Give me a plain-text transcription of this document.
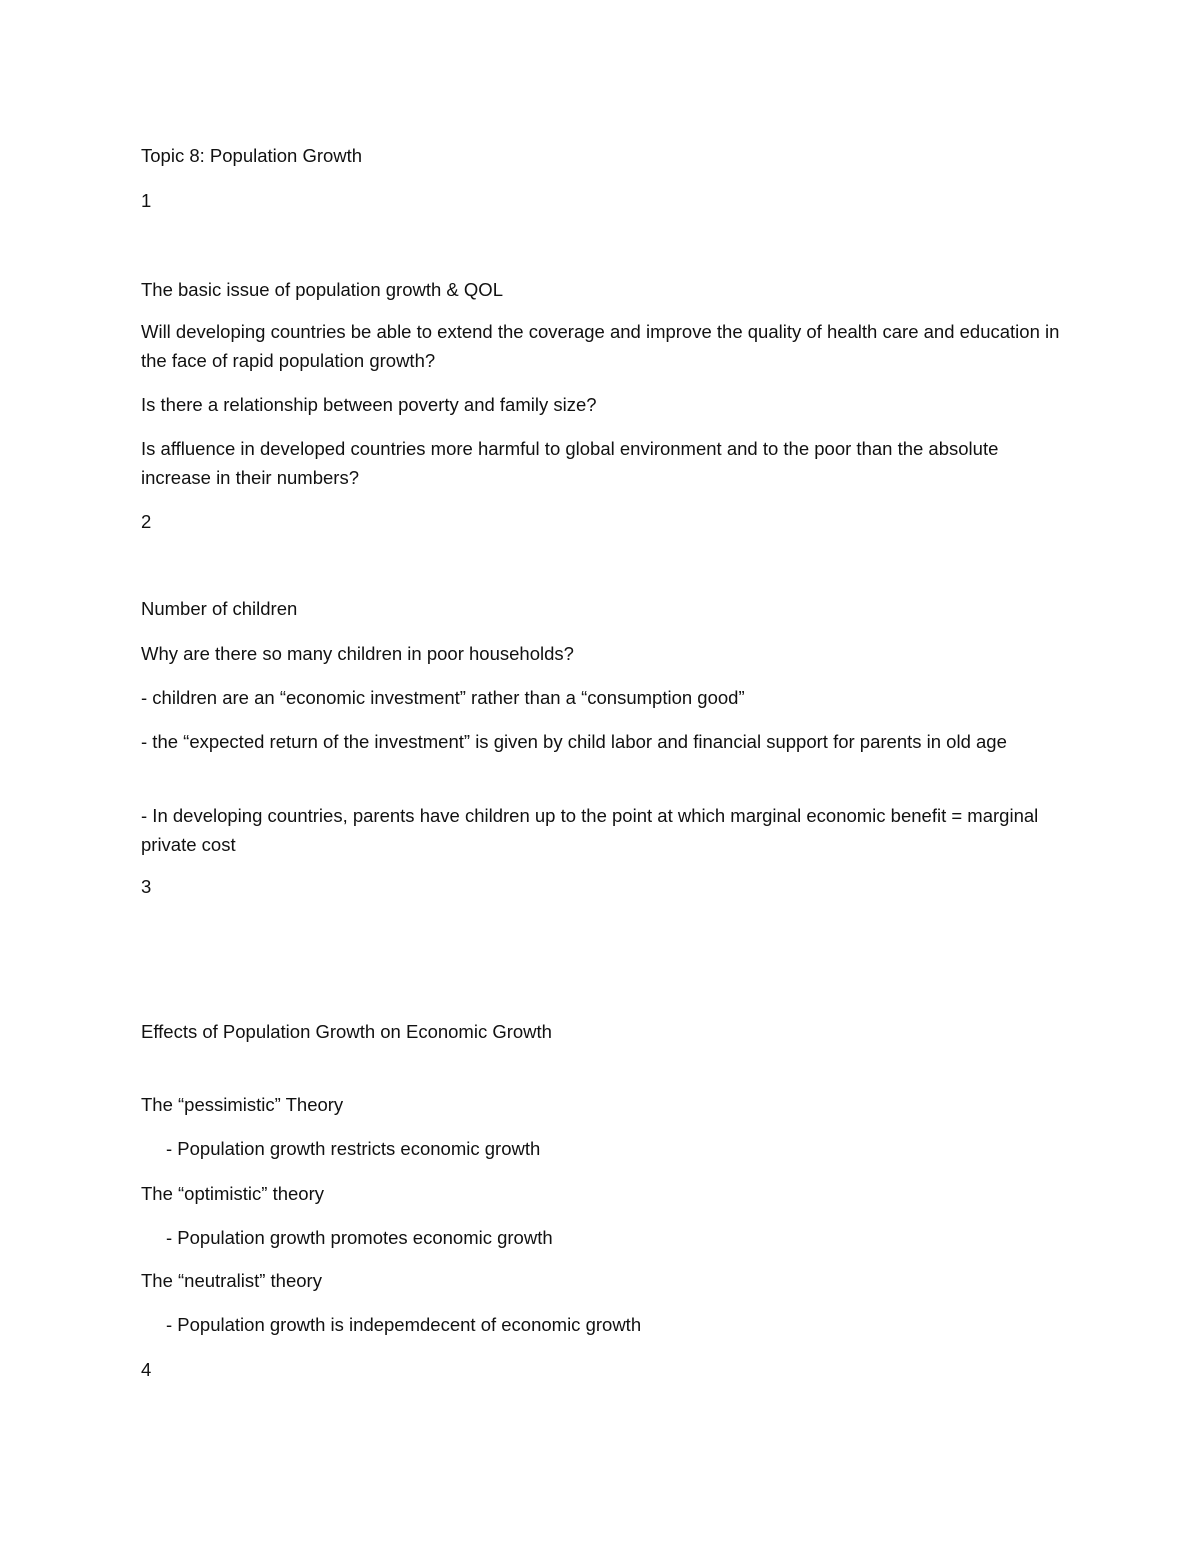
Topic 8: Population Growth
1
The basic issue of population growth & QOL
Will developing countries be able to extend the coverage and improve the quality of health care and education in the face of rapid population growth?
Is there a relationship between poverty and family size?
Is affluence in developed countries more harmful to global environment and to the poor than the absolute increase in their numbers?
2
Number of children
Why are there so many children in poor households?
- children are an “economic investment” rather than a “consumption good”
- the “expected return of the investment” is given by child labor and financial support for parents in old age
- In developing countries, parents have children up to the point at which marginal economic benefit = marginal private cost
3
Effects of Population Growth on Economic Growth
The “pessimistic” Theory
- Population growth restricts economic growth
The “optimistic” theory
- Population growth promotes economic growth
The “neutralist” theory
- Population growth is indepemdecent of economic growth
4
